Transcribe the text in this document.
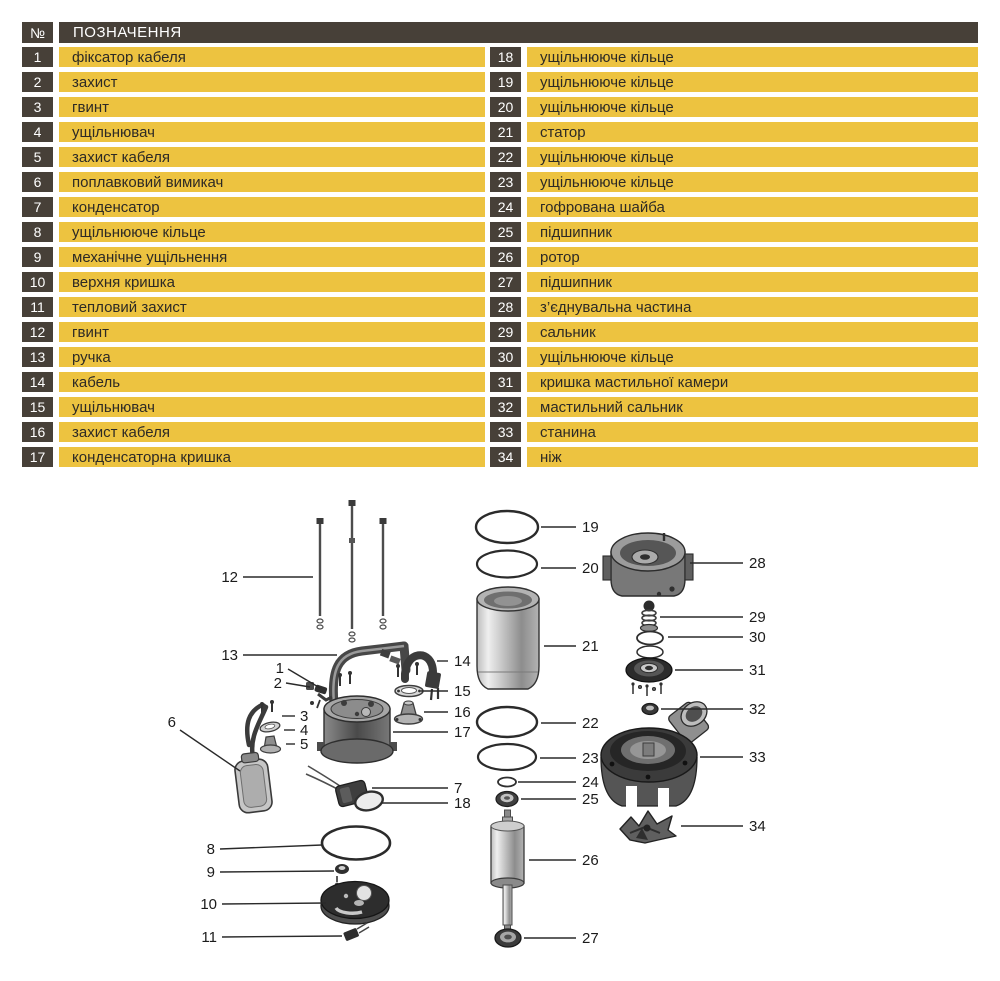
1
2
3
4
5
6
7
8
9
10
11
12
13	14
15
16
17
18
19
20
21
22
23
24
25
26
27
28
29
30
31
32
33
34
№	ПОЗНАЧЕННЯ
1	фіксатор кабеля
2	захист
3	гвинт
4	ущільнювач
5	захист кабеля
6	поплавковий вимикач
7	конденсатор
8	ущільнююче кільце
9	механічне ущільнення
10	верхня кришка
11	тепловий захист
12	гвинт
13	ручка
14	кабель
15	ущільнювач
16	захист кабеля
17	конденсаторна кришка
18	ущільнююче кільце
19	ущільнююче кільце
20	ущільнююче кільце
21	статор
22	ущільнююче кільце
23	ущільнююче кільце
24	гофрована шайба
25	підшипник
26	ротор
27	підшипник
28	з’єднувальна частина
29	сальник
30	ущільнююче кільце
31	кришка мастильної камери
32	мастильний сальник
33	станина
34	ніж
